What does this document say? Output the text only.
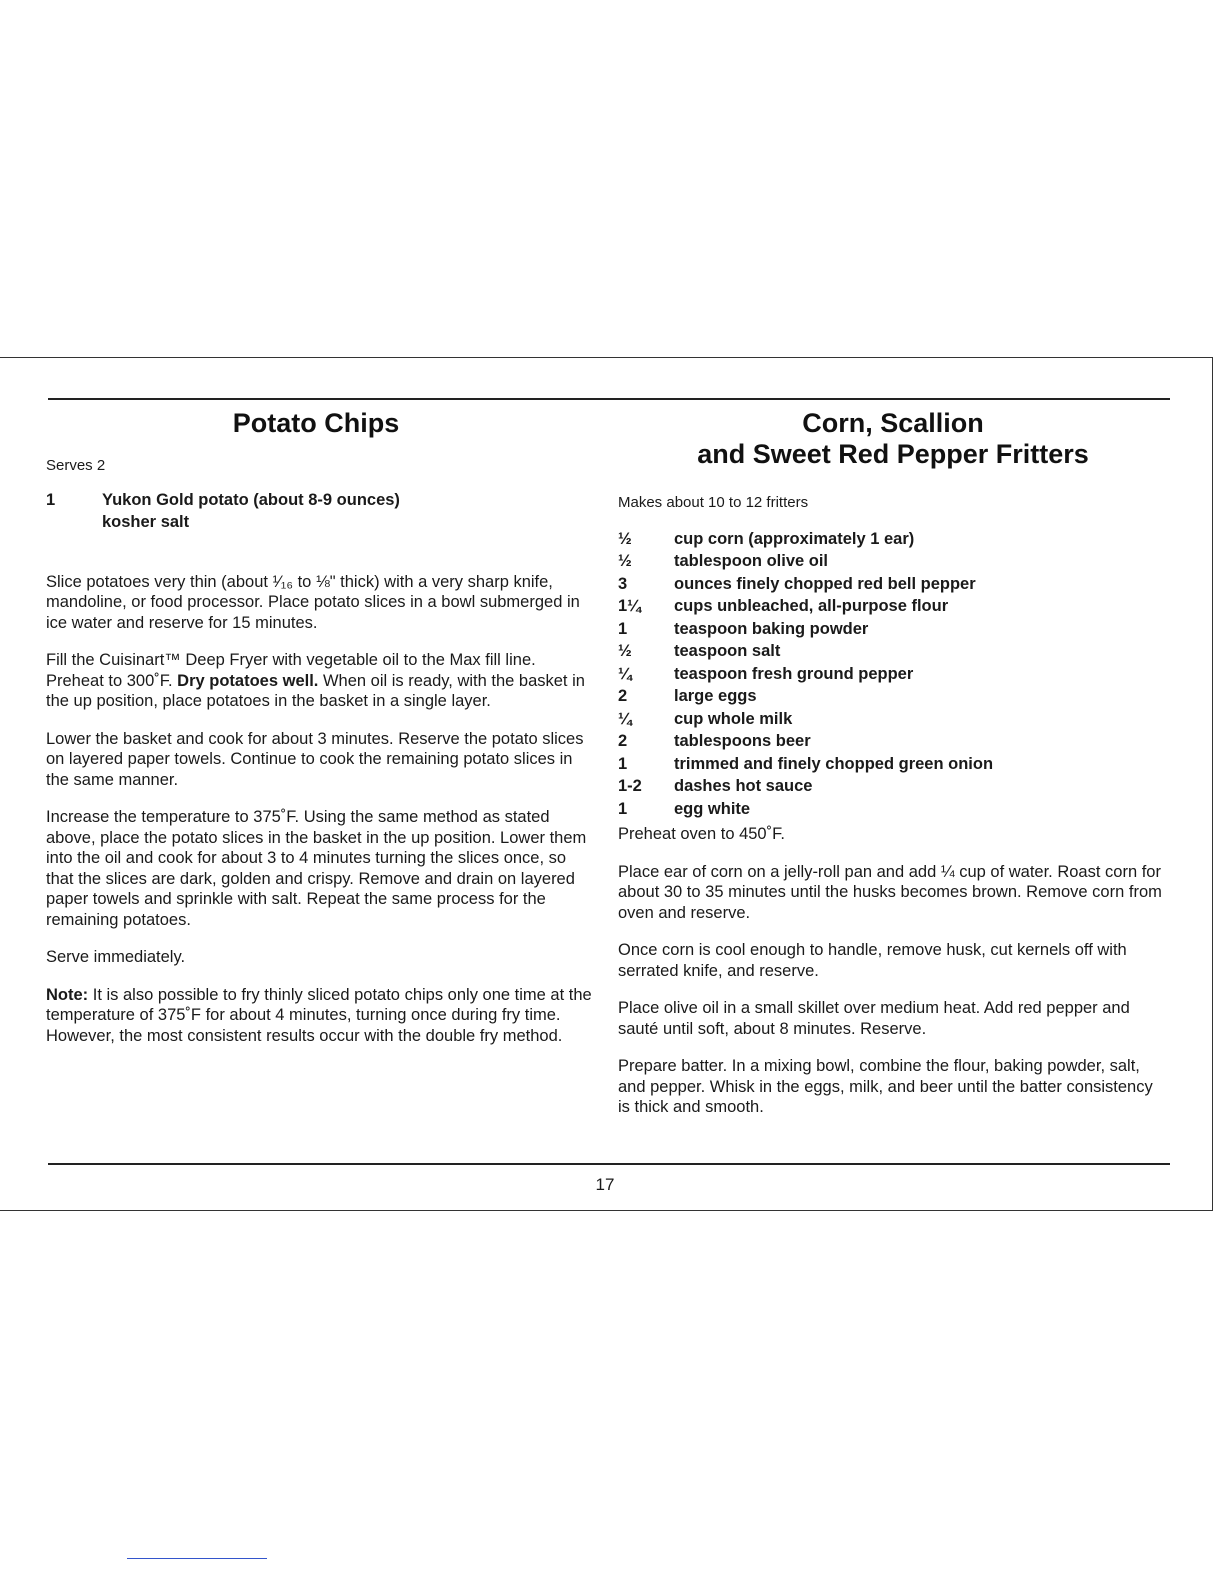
Potato Chips

Serves 2

1	Yukon Gold potato (about 8-9 ounces)
kosher salt

Slice potatoes very thin (about ¹⁄₁₆ to ⅛" thick) with a very sharp knife, mandoline, or food processor. Place potato slices in a bowl submerged in ice water and reserve for 15 minutes.

Fill the Cuisinart™ Deep Fryer with vegetable oil to the Max fill line. Preheat to 300˚F. Dry potatoes well. When oil is ready, with the basket in the up position, place potatoes in the basket in a single layer.

Lower the basket and cook for about 3 minutes. Reserve the potato slices on layered paper towels. Continue to cook the remaining potato slices in the same manner.

Increase the temperature to 375˚F. Using the same method as stated above, place the potato slices in the basket in the up position. Lower them into the oil and cook for about 3 to 4 minutes turning the slices once, so that the slices are dark, golden and crispy. Remove and drain on layered paper towels and sprinkle with salt. Repeat the same process for the remaining potatoes.

Serve immediately.

Note: It is also possible to fry thinly sliced potato chips only one time at the temperature of 375˚F for about 4 minutes, turning once during fry time. However, the most consistent results occur with the double fry method.

Corn, Scallion
and Sweet Red Pepper Fritters

Makes about 10 to 12 fritters

½	cup corn (approximately 1 ear)
½	tablespoon olive oil
3	ounces finely chopped red bell pepper
1¼	cups unbleached, all-purpose flour
1	teaspoon baking powder
½	teaspoon salt
¼	teaspoon fresh ground pepper
2	large eggs
¼	cup whole milk
2	tablespoons beer
1	trimmed and finely chopped green onion
1-2	dashes hot sauce
1	egg white

Preheat oven to 450˚F.

Place ear of corn on a jelly-roll pan and add ¼ cup of water. Roast corn for about 30 to 35 minutes until the husks becomes brown. Remove corn from oven and reserve.

Once corn is cool enough to handle, remove husk, cut kernels off with serrated knife, and reserve.

Place olive oil in a small skillet over medium heat. Add red pepper and sauté until soft, about 8 minutes. Reserve.

Prepare batter. In a mixing bowl, combine the flour, baking powder, salt, and pepper. Whisk in the eggs, milk, and beer until the batter consistency is thick and smooth.

17
